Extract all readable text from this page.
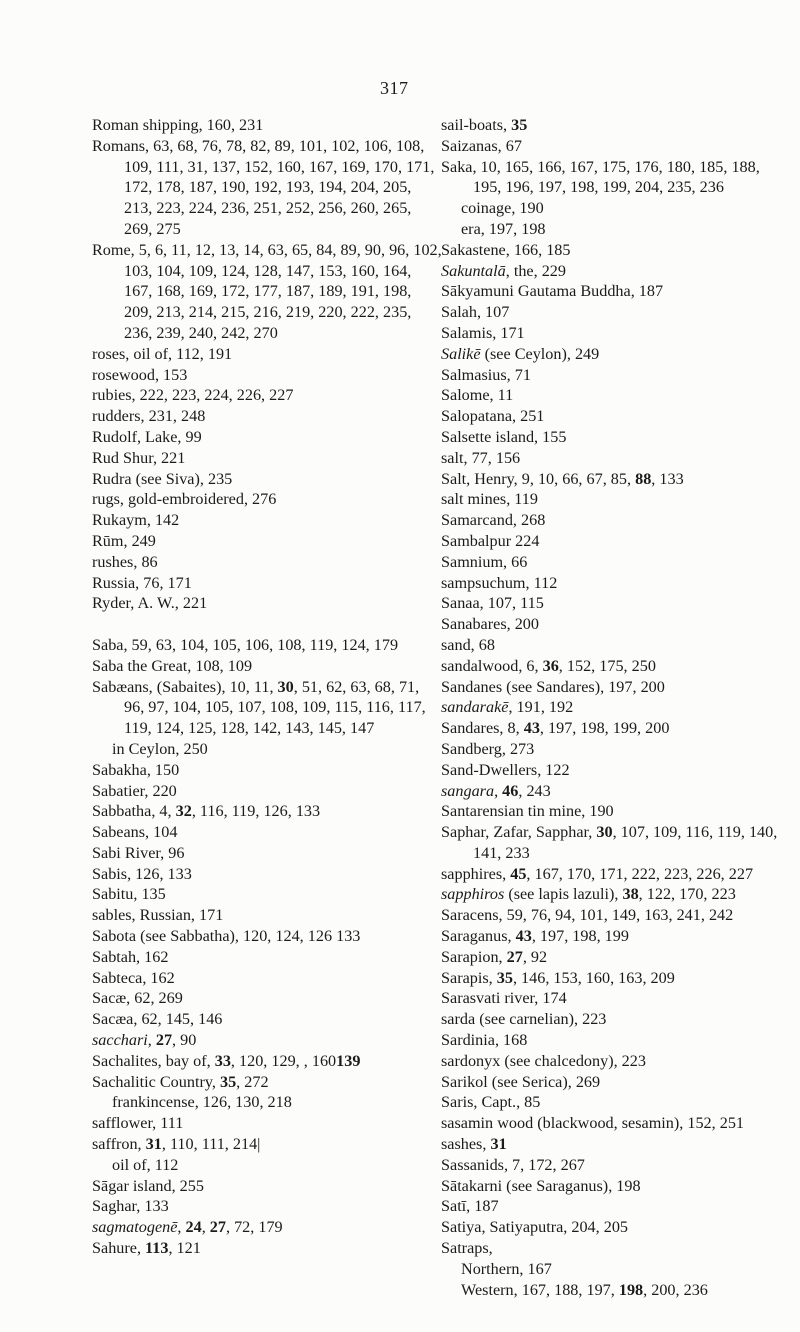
317
Roman shipping, 160, 231
Romans, 63, 68, 76, 78, 82, 89, 101, 102, 106, 108, 109, 111, 31, 137, 152, 160, 167, 169, 170, 171, 172, 178, 187, 190, 192, 193, 194, 204, 205, 213, 223, 224, 236, 251, 252, 256, 260, 265, 269, 275
Rome, 5, 6, 11, 12, 13, 14, 63, 65, 84, 89, 90, 96, 102, 103, 104, 109, 124, 128, 147, 153, 160, 164, 167, 168, 169, 172, 177, 187, 189, 191, 198, 209, 213, 214, 215, 216, 219, 220, 222, 235, 236, 239, 240, 242, 270
roses, oil of, 112, 191
rosewood, 153
rubies, 222, 223, 224, 226, 227
rudders, 231, 248
Rudolf, Lake, 99
Rud Shur, 221
Rudra (see Siva), 235
rugs, gold-embroidered, 276
Rukaym, 142
Rūm, 249
rushes, 86
Russia, 76, 171
Ryder, A. W., 221
Saba, 59, 63, 104, 105, 106, 108, 119, 124, 179
Saba the Great, 108, 109
Sabæans, (Sabaites), 10, 11, 30, 51, 62, 63, 68, 71, 96, 97, 104, 105, 107, 108, 109, 115, 116, 117, 119, 124, 125, 128, 142, 143, 145, 147
in Ceylon, 250
Sabakha, 150
Sabatier, 220
Sabbatha, 4, 32, 116, 119, 126, 133
Sabeans, 104
Sabi River, 96
Sabis, 126, 133
Sabitu, 135
sables, Russian, 171
Sabota (see Sabbatha), 120, 124, 126 133
Sabtah, 162
Sabteca, 162
Sacæ, 62, 269
Sacæa, 62, 145, 146
sacchari, 27, 90
Sachalites, bay of, 33, 120, 129, , 160139
Sachalitic Country, 35, 272
frankincense, 126, 130, 218
safflower, 111
saffron, 31, 110, 111, 214|
oil of, 112
Sāgar island, 255
Saghar, 133
sagmatogenē, 24, 27, 72, 179
Sahure, 113, 121
sail-boats, 35
Saizanas, 67
Saka, 10, 165, 166, 167, 175, 176, 180, 185, 188, 195, 196, 197, 198, 199, 204, 235, 236
coinage, 190
era, 197, 198
Sakastene, 166, 185
Sakuntalā, the, 229
Sākyamuni Gautama Buddha, 187
Salah, 107
Salamis, 171
Salikē (see Ceylon), 249
Salmasius, 71
Salome, 11
Salopatana, 251
Salsette island, 155
salt, 77, 156
Salt, Henry, 9, 10, 66, 67, 85, 88, 133
salt mines, 119
Samarcand, 268
Sambalpur 224
Samnium, 66
sampsuchum, 112
Sanaa, 107, 115
Sanabares, 200
sand, 68
sandalwood, 6, 36, 152, 175, 250
Sandanes (see Sandares), 197, 200
sandarakē, 191, 192
Sandares, 8, 43, 197, 198, 199, 200
Sandberg, 273
Sand-Dwellers, 122
sangara, 46, 243
Santarensian tin mine, 190
Saphar, Zafar, Sapphar, 30, 107, 109, 116, 119, 140, 141, 233
sapphires, 45, 167, 170, 171, 222, 223, 226, 227
sapphiros (see lapis lazuli), 38, 122, 170, 223
Saracens, 59, 76, 94, 101, 149, 163, 241, 242
Saraganus, 43, 197, 198, 199
Sarapion, 27, 92
Sarapis, 35, 146, 153, 160, 163, 209
Sarasvati river, 174
sarda (see carnelian), 223
Sardinia, 168
sardonyx (see chalcedony), 223
Sarikol (see Serica), 269
Saris, Capt., 85
sasamin wood (blackwood, sesamin), 152, 251
sashes, 31
Sassanids, 7, 172, 267
Sātakarni (see Saraganus), 198
Satī, 187
Satiya, Satiyaputra, 204, 205
Satraps,
Northern, 167
Western, 167, 188, 197, 198, 200, 236
